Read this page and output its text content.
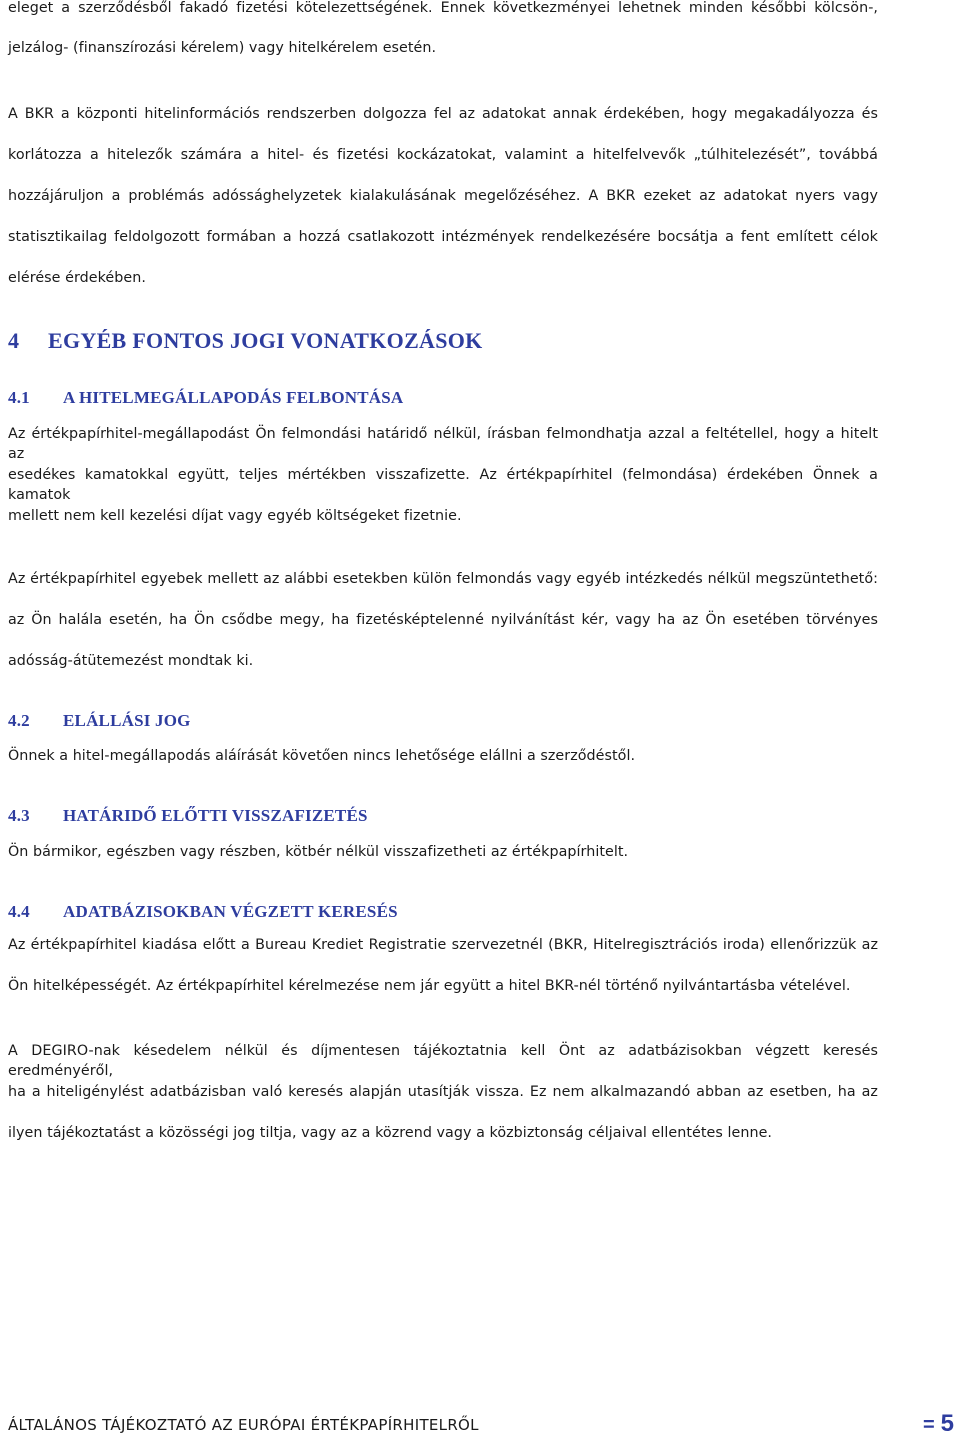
eleget a szerződésből fakadó fizetési kötelezettségének. Ennek következményei lehetnek minden későbbi kölcsön-,
jelzálog- (finanszírozási kérelem) vagy hitelkérelem esetén.
A BKR a központi hitelinformációs rendszerben dolgozza fel az adatokat annak érdekében, hogy megakadályozza és
korlátozza a hitelezők számára a hitel- és fizetési kockázatokat, valamint a hitelfelvevők „túlhitelezését”, továbbá
hozzájáruljon a problémás adóssághelyzetek kialakulásának megelőzéséhez. A BKR ezeket az adatokat nyers vagy
statisztikailag feldolgozott formában a hozzá csatlakozott intézmények rendelkezésére bocsátja a fent említett célok
elérése érdekében.
4 EGYÉB FONTOS JOGI VONATKOZÁSOK
4.1 A HITELMEGÁLLAPODÁS FELBONTÁSA
Az értékpapírhitel-megállapodást Ön felmondási határidő nélkül, írásban felmondhatja azzal a feltétellel, hogy a hitelt az
esedékes kamatokkal együtt, teljes mértékben visszafizette. Az értékpapírhitel (felmondása) érdekében Önnek a kamatok
mellett nem kell kezelési díjat vagy egyéb költségeket fizetnie.
Az értékpapírhitel egyebek mellett az alábbi esetekben külön felmondás vagy egyéb intézkedés nélkül megszüntethető:
az Ön halála esetén, ha Ön csődbe megy, ha fizetésképtelenné nyilvánítást kér, vagy ha az Ön esetében törvényes
adósság-átütemezést mondtak ki.
4.2 ELÁLLÁSI JOG
Önnek a hitel-megállapodás aláírását követően nincs lehetősége elállni a szerződéstől.
4.3 HATÁRIDŐ ELŐTTI VISSZAFIZETÉS
Ön bármikor, egészben vagy részben, kötbér nélkül visszafizetheti az értékpapírhitelt.
4.4 ADATBÁZISOKBAN VÉGZETT KERESÉS
Az értékpapírhitel kiadása előtt a Bureau Krediet Registratie szervezetnél (BKR, Hitelregisztrációs iroda) ellenőrizzük az
Ön hitelképességét. Az értékpapírhitel kérelmezése nem jár együtt a hitel BKR-nél történő nyilvántartásba vételével.
A DEGIRO-nak késedelem nélkül és díjmentesen tájékoztatnia kell Önt az adatbázisokban végzett keresés eredményéről,
ha a hiteligénylést adatbázisban való keresés alapján utasítják vissza. Ez nem alkalmazandó abban az esetben, ha az
ilyen tájékoztatást a közösségi jog tiltja, vagy az a közrend vagy a közbiztonság céljaival ellentétes lenne.
ÁLTALÁNOS TÁJÉKOZTATÓ AZ EURÓPAI ÉRTÉKPAPÍRHITELRŐL	= 5
